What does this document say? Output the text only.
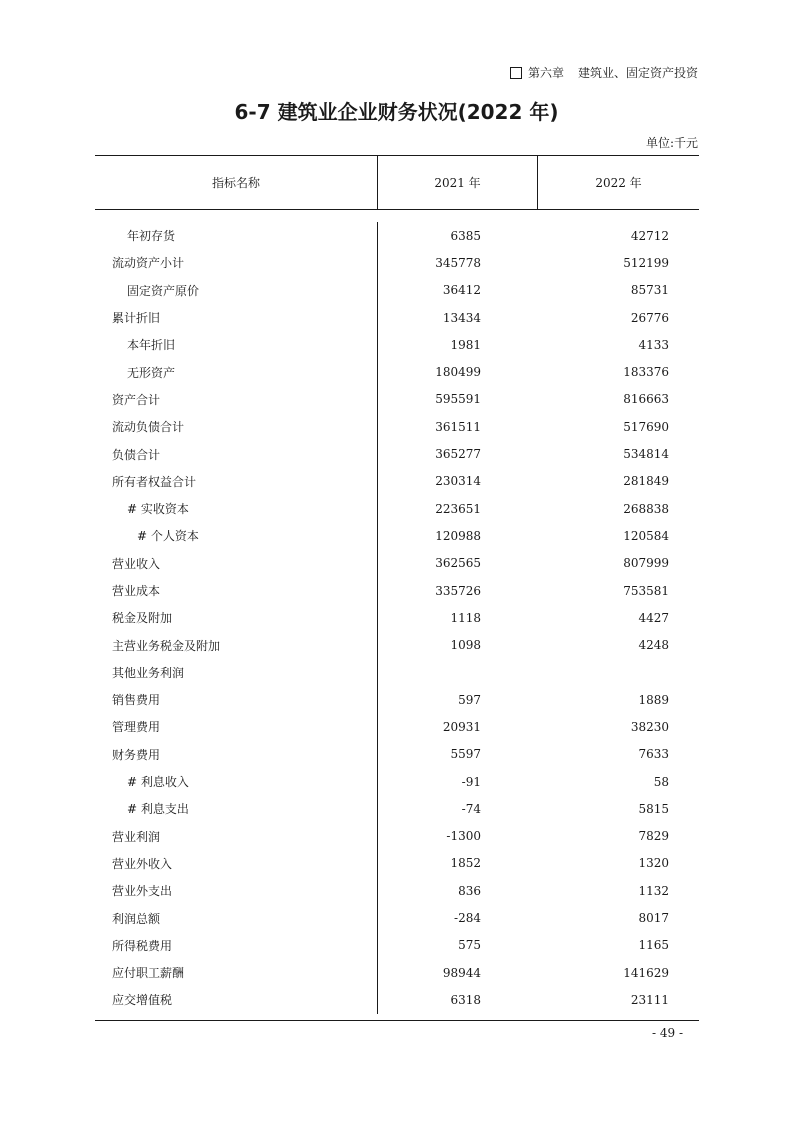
第六章 建筑业、固定资产投资
6-7 建筑业企业财务状况(2022 年)
单位:千元
指标名称	2021 年	2022 年
年初存货	6385	42712
流动资产小计	345778	512199
固定资产原价	36412	85731
累计折旧	13434	26776
本年折旧	1981	4133
无形资产	180499	183376
资产合计	595591	816663
流动负债合计	361511	517690
负债合计	365277	534814
所有者权益合计	230314	281849
# 实收资本	223651	268838
# 个人资本	120988	120584
营业收入	362565	807999
营业成本	335726	753581
税金及附加	1118	4427
主营业务税金及附加	1098	4248
其他业务利润
销售费用	597	1889
管理费用	20931	38230
财务费用	5597	7633
# 利息收入	-91	58
# 利息支出	-74	5815
营业利润	-1300	7829
营业外收入	1852	1320
营业外支出	836	1132
利润总额	-284	8017
所得税费用	575	1165
应付职工薪酬	98944	141629
应交增值税	6318	23111
- 49 -
